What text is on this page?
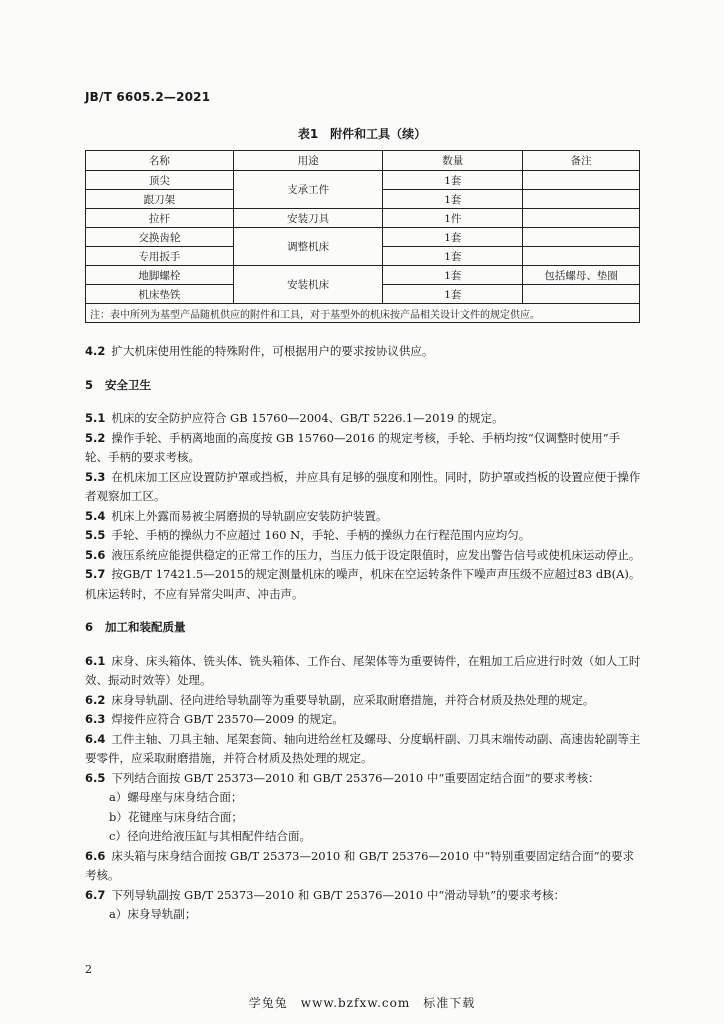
JB/T 6605.2—2021
表1　附件和工具（续）
名称	用途	数量	备注
顶尖	支承工件	1套	
跟刀架		1套	
拉杆	安装刀具	1件	
交换齿轮	调整机床	1套	
专用扳手		1套	
地脚螺栓	安装机床	1套	包括螺母、垫圈
机床垫铁		1套	
注：表中所列为基型产品随机供应的附件和工具，对于基型外的机床按产品相关设计文件的规定供应。			

4.2 扩大机床使用性能的特殊附件，可根据用户的要求按协议供应。

5 安全卫生

5.1 机床的安全防护应符合 GB 15760—2004、GB/T 5226.1—2019 的规定。

5.2 操作手轮、手柄离地面的高度按 GB 15760—2016 的规定考核，手轮、手柄均按“仅调整时使用”手轮、手柄的要求考核。

5.3 在机床加工区应设置防护罩或挡板，并应具有足够的强度和刚性。同时，防护罩或挡板的设置应便于操作者观察加工区。

5.4 机床上外露而易被尘屑磨损的导轨副应安装防护装置。

5.5 手轮、手柄的操纵力不应超过 160 N，手轮、手柄的操纵力在行程范围内应均匀。

5.6 液压系统应能提供稳定的正常工作的压力，当压力低于设定限值时，应发出警告信号或使机床运动停止。

5.7 按GB/T 17421.5—2015的规定测量机床的噪声，机床在空运转条件下噪声声压级不应超过83 dB(A)。机床运转时，不应有异常尖叫声、冲击声。

6 加工和装配质量

6.1 床身、床头箱体、铣头体、铣头箱体、工作台、尾架体等为重要铸件，在粗加工后应进行时效（如人工时效、振动时效等）处理。

6.2 床身导轨副、径向进给导轨副等为重要导轨副，应采取耐磨措施，并符合材质及热处理的规定。

6.3 焊接件应符合 GB/T 23570—2009 的规定。

6.4 工件主轴、刀具主轴、尾架套筒、轴向进给丝杠及螺母、分度蜗杆副、刀具末端传动副、高速齿轮副等主要零件，应采取耐磨措施，并符合材质及热处理的规定。

6.5 下列结合面按 GB/T 25373—2010 和 GB/T 25376—2010 中“重要固定结合面”的要求考核：

a）螺母座与床身结合面；

b）花键座与床身结合面；

c）径向进给液压缸与其相配件结合面。

6.6 床头箱与床身结合面按 GB/T 25373—2010 和 GB/T 25376—2010 中“特别重要固定结合面”的要求考核。

6.7 下列导轨副按 GB/T 25373—2010 和 GB/T 25376—2010 中“滑动导轨”的要求考核：

a）床身导轨副；

2
学兔兔　www.bzfxw.com　标准下载
